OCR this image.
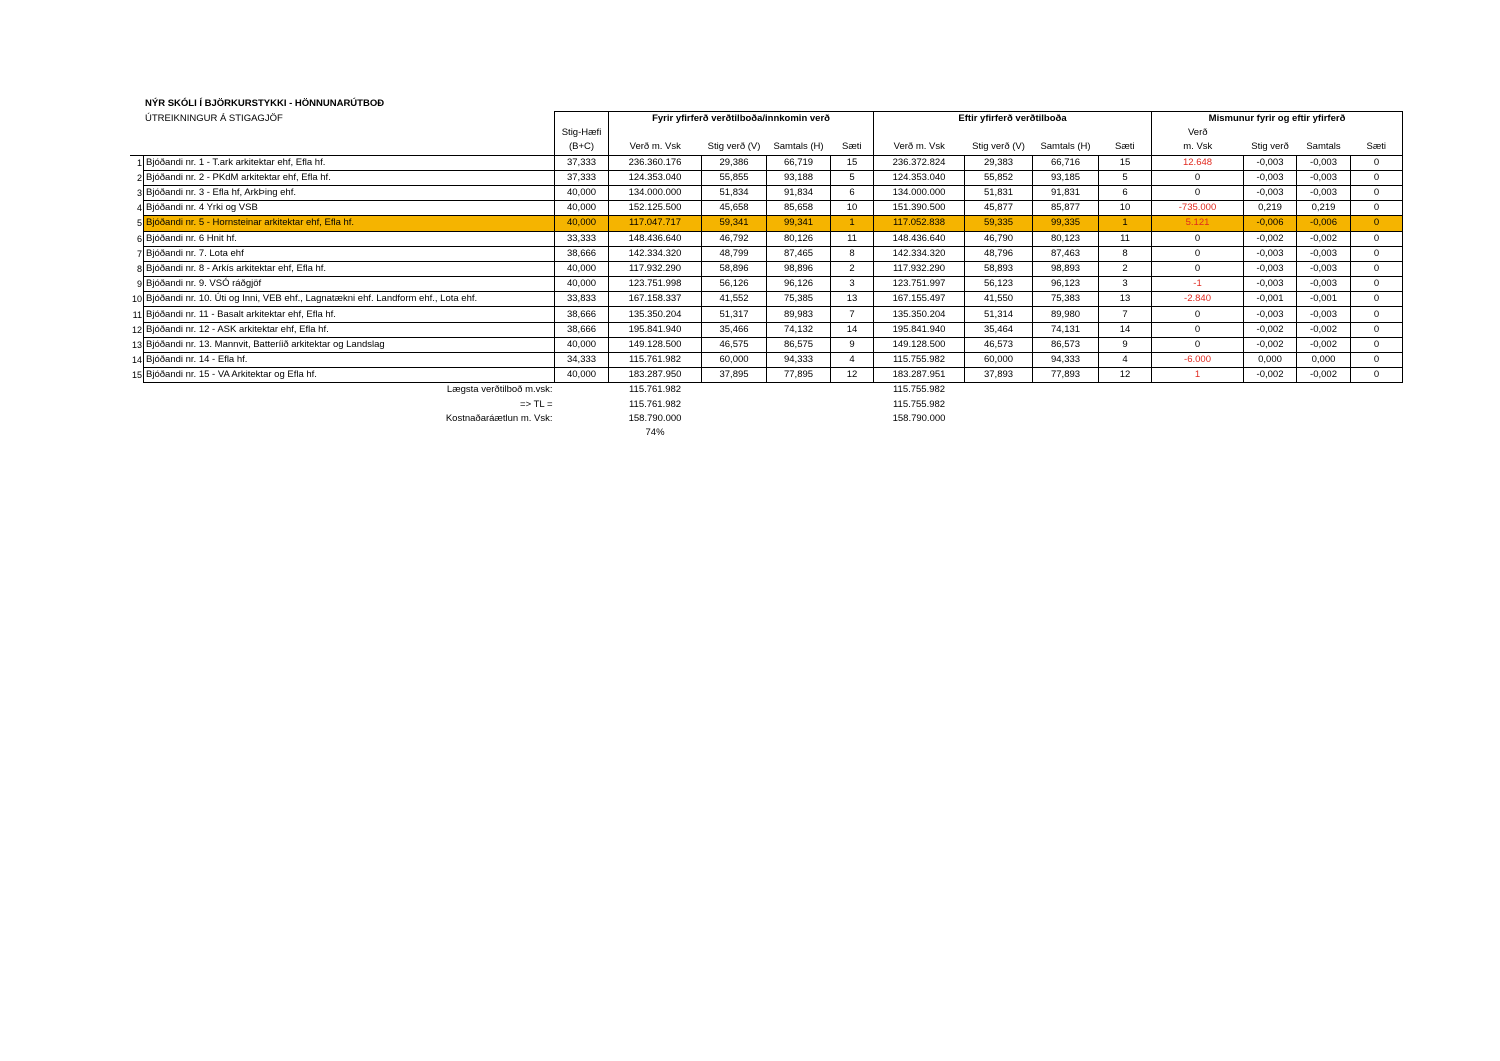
NÝR SKÓLI Í BJÖRKURSTYKKI - HÖNNUNARÚTBOÐ
ÚTREIKNINGUR Á STIGAGJÖF
				Fyrir yfirferð verðtilboða/innkomin verð				Eftir yfirferð verðtilboða				Mismunur fyrir og eftir yfirferð			
		Stig-Hæfi									Verð			
		(B+C)	Verð m. Vsk	Stig verð (V)	Samtals (H)	Sæti	Verð m. Vsk	Stig verð (V)	Samtals (H)	Sæti	m. Vsk	Stig verð	Samtals	Sæti
1	Bjóðandi nr. 1 - T.ark arkitektar ehf, Efla hf.	37,333	236.360.176	29,386	66,719	15	236.372.824	29,383	66,716	15	12.648	-0,003	-0,003	0
2	Bjóðandi nr. 2 - PKdM arkitektar ehf, Efla hf.	37,333	124.353.040	55,855	93,188	5	124.353.040	55,852	93,185	5	0	-0,003	-0,003	0
3	Bjóðandi nr. 3 - Efla hf, ArkÞing ehf.	40,000	134.000.000	51,834	91,834	6	134.000.000	51,831	91,831	6	0	-0,003	-0,003	0
4	Bjóðandi nr. 4 Yrki og VSB	40,000	152.125.500	45,658	85,658	10	151.390.500	45,877	85,877	10	-735.000	0,219	0,219	0
5	Bjóðandi nr. 5 - Hornsteinar arkitektar ehf, Efla hf.	40,000	117.047.717	59,341	99,341	1	117.052.838	59,335	99,335	1	5.121	-0,006	-0,006	0
6	Bjóðandi nr. 6 Hnit hf.	33,333	148.436.640	46,792	80,126	11	148.436.640	46,790	80,123	11	0	-0,002	-0,002	0
7	Bjóðandi nr. 7. Lota ehf	38,666	142.334.320	48,799	87,465	8	142.334.320	48,796	87,463	8	0	-0,003	-0,003	0
8	Bjóðandi nr. 8 - Arkís arkitektar ehf, Efla hf.	40,000	117.932.290	58,896	98,896	2	117.932.290	58,893	98,893	2	0	-0,003	-0,003	0
9	Bjóðandi nr. 9. VSÓ ráðgjöf	40,000	123.751.998	56,126	96,126	3	123.751.997	56,123	96,123	3	-1	-0,003	-0,003	0
10	Bjóðandi nr. 10. Úti og Inni, VEB ehf., Lagnatækni ehf. Landform ehf., Lota ehf.	33,833	167.158.337	41,552	75,385	13	167.155.497	41,550	75,383	13	-2.840	-0,001	-0,001	0
11	Bjóðandi nr. 11 - Basalt arkitektar ehf, Efla hf.	38,666	135.350.204	51,317	89,983	7	135.350.204	51,314	89,980	7	0	-0,003	-0,003	0
12	Bjóðandi nr. 12 - ASK arkitektar ehf, Efla hf.	38,666	195.841.940	35,466	74,132	14	195.841.940	35,464	74,131	14	0	-0,002	-0,002	0
13	Bjóðandi nr. 13. Mannvit, Batteríið arkitektar og Landslag	40,000	149.128.500	46,575	86,575	9	149.128.500	46,573	86,573	9	0	-0,002	-0,002	0
14	Bjóðandi nr. 14 - Efla hf.	34,333	115.761.982	60,000	94,333	4	115.755.982	60,000	94,333	4	-6.000	0,000	0,000	0
15	Bjóðandi nr. 15 - VA Arkitektar og Efla hf.	40,000	183.287.950	37,895	77,895	12	183.287.951	37,893	77,893	12	1	-0,002	-0,002	0
	Lægsta verðtilboð m.vsk:		115.761.982				115.755.982							
	=> TL =		115.761.982				115.755.982							
	Kostnaðaráætlun m. Vsk:		158.790.000				158.790.000							
			74%											
